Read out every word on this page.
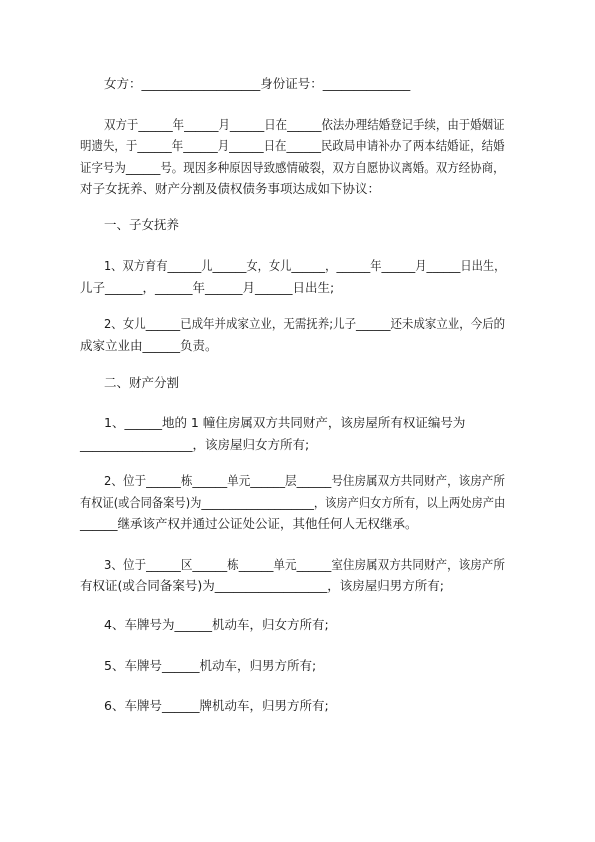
女方：___________________身份证号：______________
双方于______年______月______日在______依法办理结婚登记手续，由于婚姻证
明遗失，于______年______月______日在______民政局申请补办了两本结婚证，结婚
证字号为______号。现因多种原因导致感情破裂，双方自愿协议离婚。双方经协商，
对子女抚养、财产分割及债权债务事项达成如下协议：
一、子女抚养
1、双方育有______儿______女，女儿______，______年______月______日出生，
儿子______，______年______月______日出生;
2、女儿______已成年并成家立业，无需抚养;儿子______还未成家立业，今后的
成家立业由______负责。
二、财产分割
1、______地的 1 幢住房属双方共同财产，该房屋所有权证编号为
__________________，该房屋归女方所有;
2、位于______栋______单元______层______号住房属双方共同财产，该房产所
有权证(或合同备案号)为____________________，该房产归女方所有，以上两处房产由
______继承该产权并通过公证处公证，其他任何人无权继承。
3、位于______区______栋______单元______室住房属双方共同财产，该房产所
有权证(或合同备案号)为__________________，该房屋归男方所有;
4、车牌号为______机动车，归女方所有;
5、车牌号______机动车，归男方所有;
6、车牌号______牌机动车，归男方所有;
